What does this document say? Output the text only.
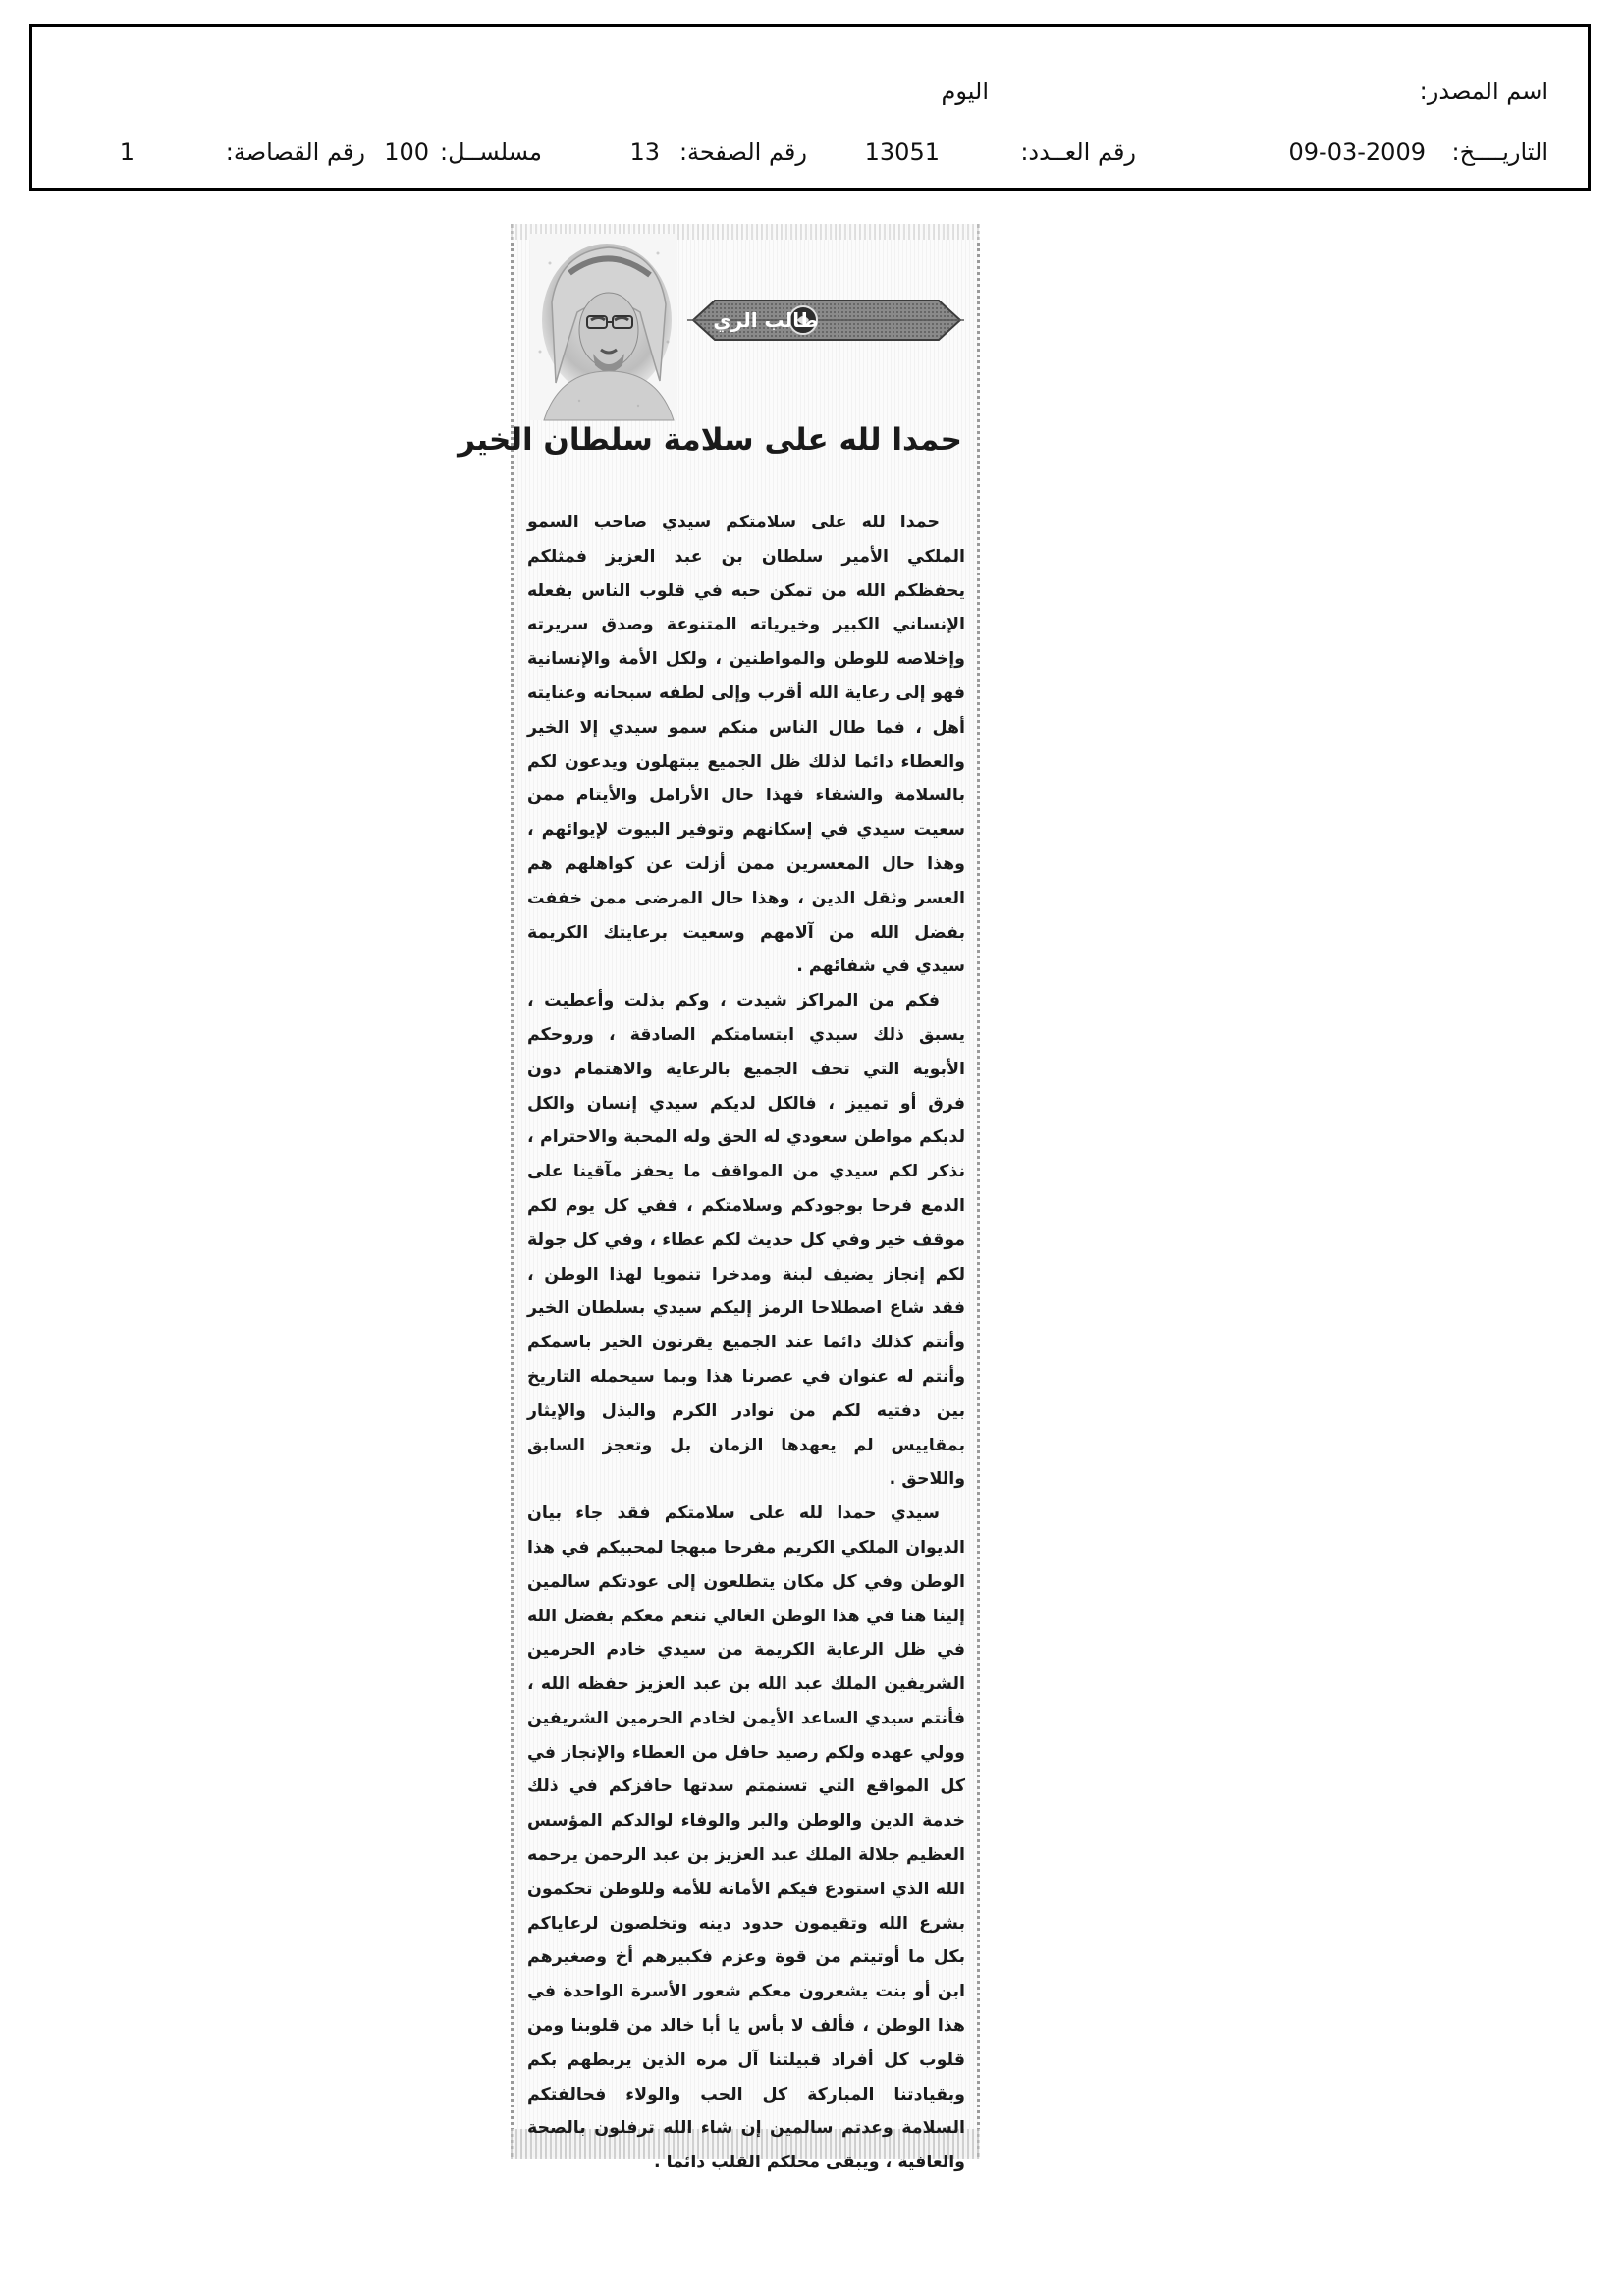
اسم المصدر:
اليوم
التاريــــخ:
09-03-2009
رقم العــدد:
13051
رقم الصفحة:
13
مسلســل:
100
رقم القصاصة:
1
طالب الري
حمدا لله على سلامة سلطان الخير

حمدا لله على سلامتكم سيدي صاحب السمو الملكي الأمير سلطان بن عبد العزيز فمثلكم يحفظكم الله من تمكن حبه في قلوب الناس بفعله الإنساني الكبير وخيرياته المتنوعة وصدق سريرته وإخلاصه للوطن والمواطنين ، ولكل الأمة والإنسانية فهو إلى رعاية الله أقرب وإلى لطفه سبحانه وعنايته أهل ، فما طال الناس منكم سمو سيدي إلا الخير والعطاء دائما لذلك ظل الجميع يبتهلون ويدعون لكم بالسلامة والشفاء فهذا حال الأرامل والأيتام ممن سعيت سيدي في إسكانهم وتوفير البيوت لإيوائهم ، وهذا حال المعسرين ممن أزلت عن كواهلهم هم العسر وثقل الدين ، وهذا حال المرضى ممن خففت بفضل الله من آلامهم وسعيت برعايتك الكريمة سيدي في شفائهم .

فكم من المراكز شيدت ، وكم بذلت وأعطيت ، يسبق ذلك سيدي ابتسامتكم الصادقة ، وروحكم الأبوية التي تحف الجميع بالرعاية والاهتمام دون فرق أو تمييز ، فالكل لديكم سيدي إنسان والكل لديكم مواطن سعودي له الحق وله المحبة والاحترام ، نذكر لكم سيدي من المواقف ما يحفز مآقينا على الدمع فرحا بوجودكم وسلامتكم ، ففي كل يوم لكم موقف خير وفي كل حديث لكم عطاء ، وفي كل جولة لكم إنجاز يضيف لبنة ومدخرا تنمويا لهذا الوطن ، فقد شاع اصطلاحا الرمز إليكم سيدي بسلطان الخير وأنتم كذلك دائما عند الجميع يقرنون الخير باسمكم وأنتم له عنوان في عصرنا هذا وبما سيحمله التاريخ بين دفتيه لكم من نوادر الكرم والبذل والإيثار بمقاييس لم يعهدها الزمان بل وتعجز السابق واللاحق .

سيدي حمدا لله على سلامتكم فقد جاء بيان الديوان الملكي الكريم مفرحا مبهجا لمحبيكم في هذا الوطن وفي كل مكان يتطلعون إلى عودتكم سالمين إلينا هنا في هذا الوطن الغالي ننعم معكم بفضل الله في ظل الرعاية الكريمة من سيدي خادم الحرمين الشريفين الملك عبد الله بن عبد العزيز حفظه الله ، فأنتم سيدي الساعد الأيمن لخادم الحرمين الشريفين وولي عهده ولكم رصيد حافل من العطاء والإنجاز في كل المواقع التي تسنمتم سدتها حافزكم في ذلك خدمة الدين والوطن والبر والوفاء لوالدكم المؤسس العظيم جلالة الملك عبد العزيز بن عبد الرحمن يرحمه الله الذي استودع فيكم الأمانة للأمة وللوطن تحكمون بشرع الله وتقيمون حدود دينه وتخلصون لرعاياكم بكل ما أوتيتم من قوة وعزم فكبيرهم أخ وصغيرهم ابن أو بنت يشعرون معكم شعور الأسرة الواحدة في هذا الوطن ، فألف لا بأس يا أبا خالد من قلوبنا ومن قلوب كل أفراد قبيلتنا آل مره الذين يربطهم بكم وبقيادتنا المباركة كل الحب والولاء فحالفتكم السلامة وعدتم سالمين إن شاء الله ترفلون بالصحة والعافية ، ويبقى محلكم القلب دائما .
